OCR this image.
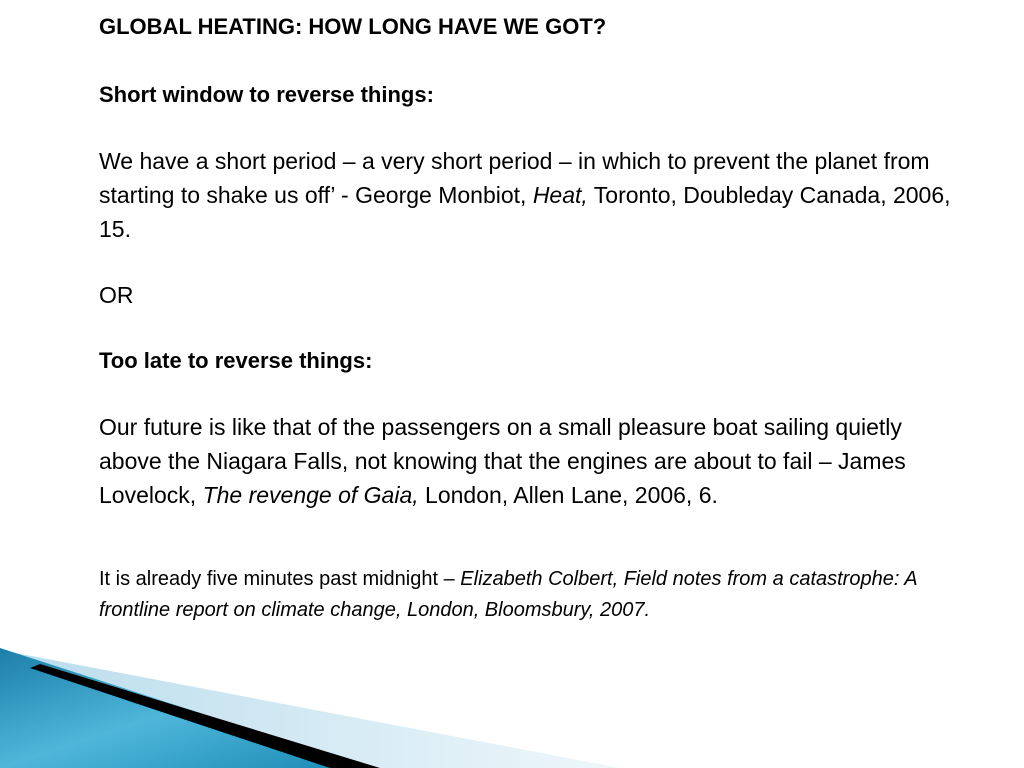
GLOBAL HEATING: HOW LONG HAVE WE GOT?

Short window to reverse things:

We have a short period – a very short period – in which to prevent the planet from starting to shake us off’ - George Monbiot, Heat, Toronto, Doubleday Canada, 2006, 15.

OR

Too late to reverse things:

Our future is like that of the passengers on a small pleasure boat sailing quietly above the Niagara Falls, not knowing that the engines are about to fail – James Lovelock, The revenge of Gaia, London, Allen Lane, 2006, 6.

It is already five minutes past midnight – Elizabeth Colbert, Field notes from a catastrophe: A frontline report on climate change, London, Bloomsbury, 2007.
